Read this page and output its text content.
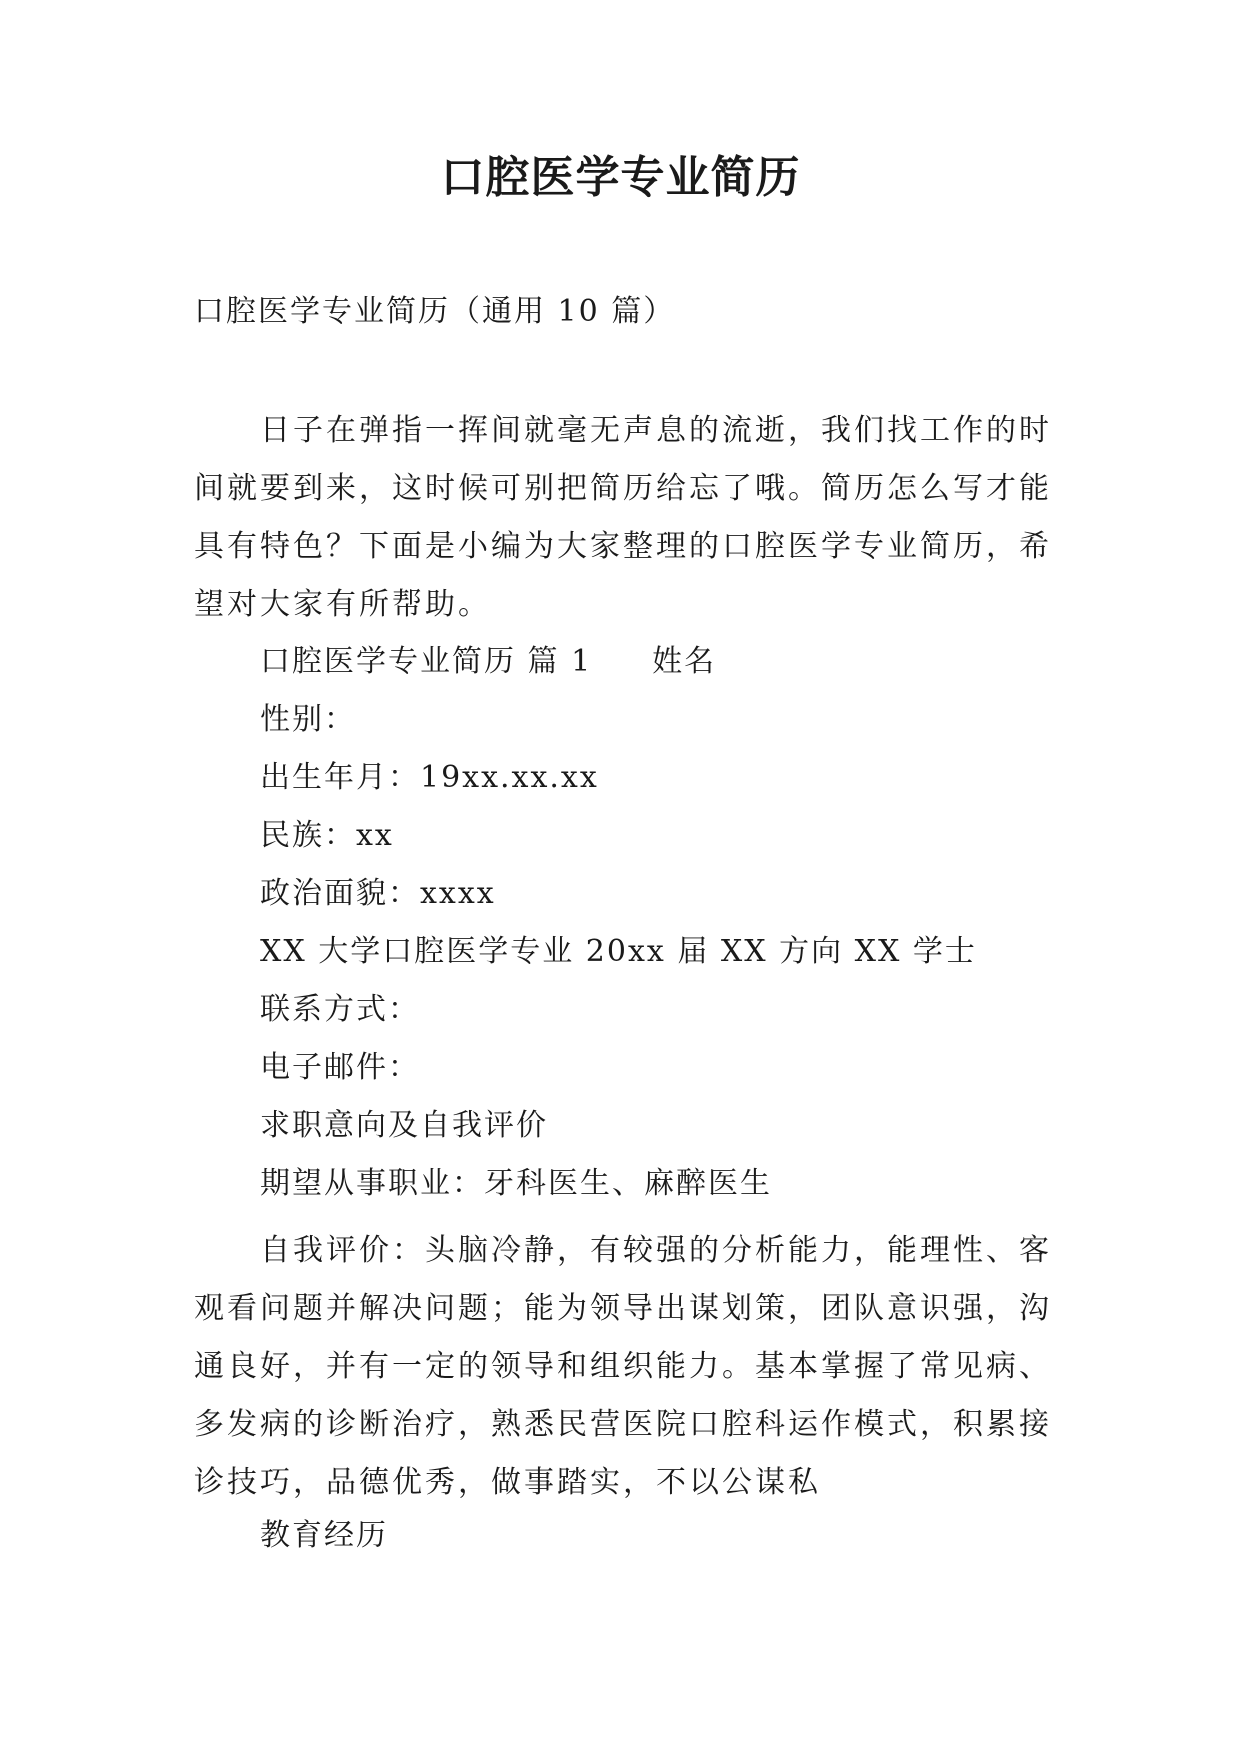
口腔医学专业简历
口腔医学专业简历（通用 10 篇）
日子在弹指一挥间就毫无声息的流逝，我们找工作的时间就要到来，这时候可别把简历给忘了哦。简历怎么写才能具有特色？下面是小编为大家整理的口腔医学专业简历，希望对大家有所帮助。
口腔医学专业简历 篇 1 姓名
性别：
出生年月：19xx.xx.xx
民族：xx
政治面貌：xxxx
XX 大学口腔医学专业 20xx 届 XX 方向 XX 学士
联系方式：
电子邮件：
求职意向及自我评价
期望从事职业：牙科医生、麻醉医生
自我评价：头脑冷静，有较强的分析能力，能理性、客观看问题并解决问题；能为领导出谋划策，团队意识强，沟通良好，并有一定的领导和组织能力。基本掌握了常见病、多发病的诊断治疗，熟悉民营医院口腔科运作模式，积累接诊技巧，品德优秀，做事踏实，不以公谋私
教育经历
